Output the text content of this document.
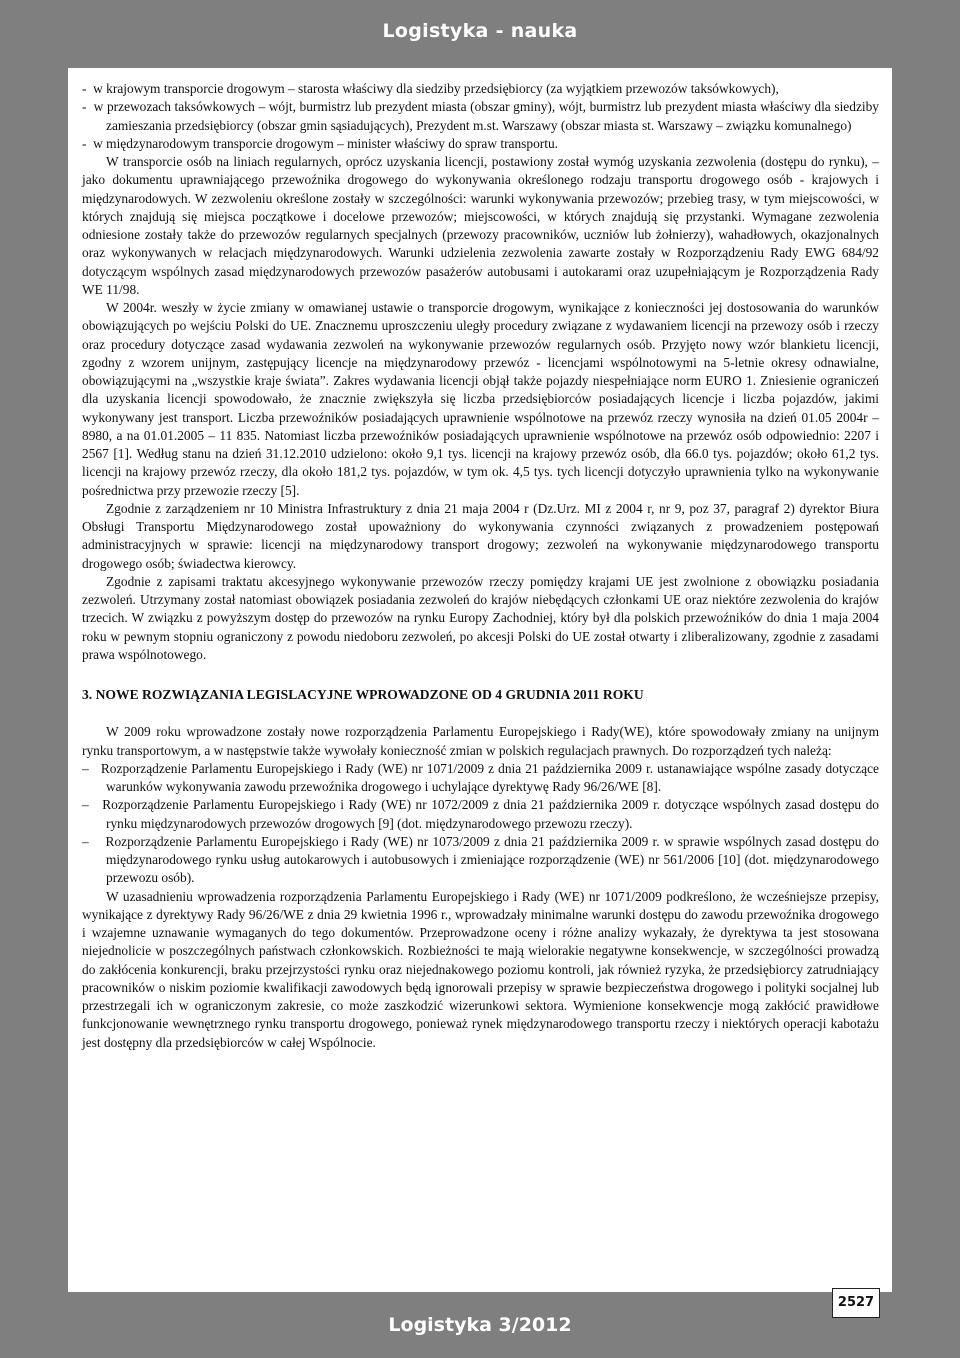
Logistyka - nauka

-  w krajowym transporcie drogowym – starosta właściwy dla siedziby przedsiębiorcy (za wyjątkiem przewozów taksówkowych),

-  w przewozach taksówkowych – wójt, burmistrz lub prezydent miasta (obszar gminy), wójt, burmistrz lub prezydent miasta właściwy dla siedziby zamieszania przedsiębiorcy (obszar gmin sąsiadujących), Prezydent m.st. Warszawy (obszar miasta st. Warszawy – związku komunalnego)

-  w międzynarodowym transporcie drogowym – minister właściwy do spraw transportu.

W transporcie osób na liniach regularnych, oprócz uzyskania licencji, postawiony został wymóg uzyskania zezwolenia (dostępu do rynku), – jako dokumentu uprawniającego przewoźnika drogowego do wykonywania określonego rodzaju transportu drogowego osób - krajowych i międzynarodowych. W zezwoleniu określone zostały w szczególności: warunki wykonywania przewozów; przebieg trasy, w tym miejscowości, w których znajdują się miejsca początkowe i docelowe przewozów; miejscowości, w których znajdują się przystanki. Wymagane zezwolenia odniesione zostały także do przewozów regularnych specjalnych (przewozy pracowników, uczniów lub żołnierzy), wahadłowych, okazjonalnych oraz wykonywanych w relacjach międzynarodowych. Warunki udzielenia zezwolenia zawarte zostały w Rozporządzeniu Rady EWG 684/92 dotyczącym wspólnych zasad międzynarodowych przewozów pasażerów autobusami i autokarami oraz uzupełniającym je Rozporządzenia Rady WE 11/98.

W 2004r. weszły w życie zmiany w omawianej ustawie o transporcie drogowym, wynikające z konieczności jej dostosowania do warunków obowiązujących po wejściu Polski do UE. Znacznemu uproszczeniu uległy procedury związane z wydawaniem licencji na przewozy osób i rzeczy oraz procedury dotyczące zasad wydawania zezwoleń na wykonywanie przewozów regularnych osób. Przyjęto nowy wzór blankietu licencji, zgodny z wzorem unijnym, zastępujący licencje na międzynarodowy przewóz - licencjami wspólnotowymi na 5-letnie okresy odnawialne, obowiązującymi na „wszystkie kraje świata”. Zakres wydawania licencji objął także pojazdy niespełniające norm EURO 1. Zniesienie ograniczeń dla uzyskania licencji spowodowało, że znacznie zwiększyła się liczba przedsiębiorców posiadających licencje i liczba pojazdów, jakimi wykonywany jest transport. Liczba przewoźników posiadających uprawnienie wspólnotowe na przewóz rzeczy wynosiła na dzień 01.05 2004r – 8980, a na 01.01.2005 – 11 835. Natomiast liczba przewoźników posiadających uprawnienie wspólnotowe na przewóz osób odpowiednio: 2207 i 2567 [1]. Według stanu na dzień 31.12.2010 udzielono: około 9,1 tys. licencji na krajowy przewóz osób, dla 66.0 tys. pojazdów; około 61,2 tys. licencji na krajowy przewóz rzeczy, dla około 181,2 tys. pojazdów, w tym ok. 4,5 tys. tych licencji dotyczyło uprawnienia tylko na wykonywanie pośrednictwa przy przewozie rzeczy [5].

Zgodnie z zarządzeniem nr 10 Ministra Infrastruktury z dnia 21 maja 2004 r (Dz.Urz. MI z 2004 r, nr 9, poz 37, paragraf 2) dyrektor Biura Obsługi Transportu Międzynarodowego został upoważniony do wykonywania czynności związanych z prowadzeniem postępowań administracyjnych w sprawie: licencji na międzynarodowy transport drogowy; zezwoleń na wykonywanie międzynarodowego transportu drogowego osób; świadectwa kierowcy.

Zgodnie z zapisami traktatu akcesyjnego wykonywanie przewozów rzeczy pomiędzy krajami UE jest zwolnione z obowiązku posiadania zezwoleń. Utrzymany został natomiast obowiązek posiadania zezwoleń do krajów niebędących członkami UE oraz niektóre zezwolenia do krajów trzecich. W związku z powyższym dostęp do przewozów na rynku Europy Zachodniej, który był dla polskich przewoźników do dnia 1 maja 2004 roku w pewnym stopniu ograniczony z powodu niedoboru zezwoleń, po akcesji Polski do UE został otwarty i zliberalizowany, zgodnie z zasadami prawa wspólnotowego.

3. NOWE ROZWIĄZANIA LEGISLACYJNE WPROWADZONE OD 4 GRUDNIA 2011 ROKU

W 2009 roku wprowadzone zostały nowe rozporządzenia Parlamentu Europejskiego i Rady(WE), które spowodowały zmiany na unijnym rynku transportowym, a w następstwie także wywołały konieczność zmian w polskich regulacjach prawnych. Do rozporządzeń tych należą:

–   Rozporządzenie Parlamentu Europejskiego i Rady (WE) nr 1071/2009 z dnia 21 października 2009 r. ustanawiające wspólne zasady dotyczące warunków wykonywania zawodu przewoźnika drogowego i uchylające dyrektywę Rady 96/26/WE [8].

–   Rozporządzenie Parlamentu Europejskiego i Rady (WE) nr 1072/2009 z dnia 21 października 2009 r. dotyczące wspólnych zasad dostępu do rynku międzynarodowych przewozów drogowych [9] (dot. międzynarodowego przewozu rzeczy).

–    Rozporządzenie Parlamentu Europejskiego i Rady (WE) nr 1073/2009 z dnia 21 października 2009 r. w sprawie wspólnych zasad dostępu do międzynarodowego rynku usług autokarowych i autobusowych i zmieniające rozporządzenie (WE) nr 561/2006 [10] (dot. międzynarodowego przewozu osób).

W uzasadnieniu wprowadzenia rozporządzenia Parlamentu Europejskiego i Rady (WE) nr 1071/2009 podkreślono, że wcześniejsze przepisy, wynikające z dyrektywy Rady 96/26/WE z dnia 29 kwietnia 1996 r., wprowadzały minimalne warunki dostępu do zawodu przewoźnika drogowego i wzajemne uznawanie wymaganych do tego dokumentów. Przeprowadzone oceny i różne analizy wykazały, że dyrektywa ta jest stosowana niejednolicie w poszczególnych państwach członkowskich. Rozbieżności te mają wielorakie negatywne konsekwencje, w szczególności prowadzą do zakłócenia konkurencji, braku przejrzystości rynku oraz niejednakowego poziomu kontroli, jak również ryzyka, że przedsiębiorcy zatrudniający pracowników o niskim poziomie kwalifikacji zawodowych będą ignorowali przepisy w sprawie bezpieczeństwa drogowego i polityki socjalnej lub przestrzegali ich w ograniczonym zakresie, co może zaszkodzić wizerunkowi sektora. Wymienione konsekwencje mogą zakłócić prawidłowe funkcjonowanie wewnętrznego rynku transportu drogowego, ponieważ rynek międzynarodowego transportu rzeczy i niektórych operacji kabotażu jest dostępny dla przedsiębiorców w całej Wspólnocie.

2527
Logistyka 3/2012
